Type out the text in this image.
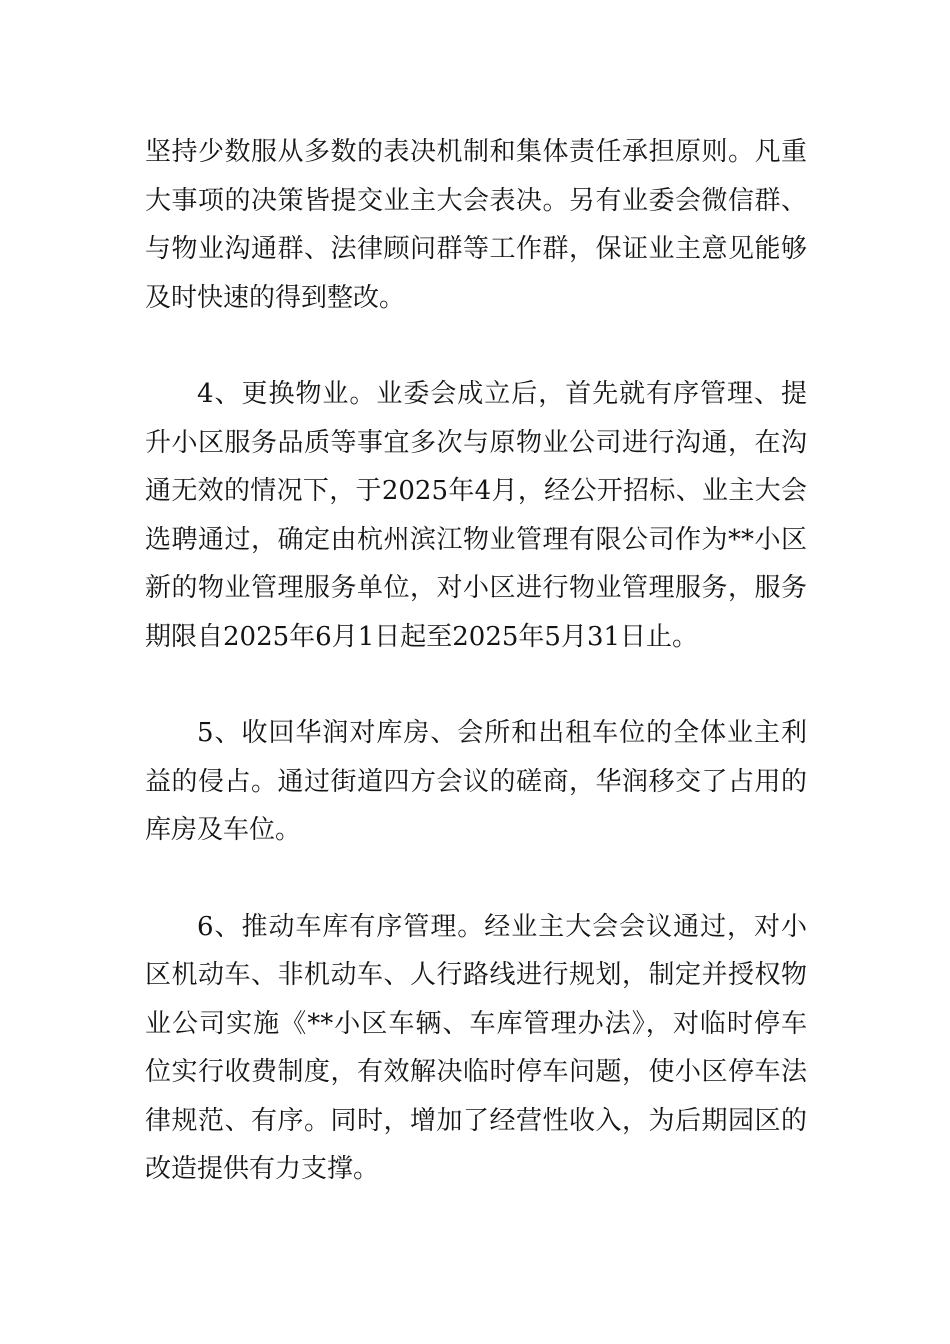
坚持少数服从多数的表决机制和集体责任承担原则。凡重大事项的决策皆提交业主大会表决。另有业委会微信群、与物业沟通群、法律顾问群等工作群，保证业主意见能够及时快速的得到整改。

4、更换物业。业委会成立后，首先就有序管理、提升小区服务品质等事宜多次与原物业公司进行沟通，在沟通无效的情况下，于2025年4月，经公开招标、业主大会选聘通过，确定由杭州滨江物业管理有限公司作为**小区新的物业管理服务单位，对小区进行物业管理服务，服务期限自2025年6月1日起至2025年5月31日止。

5、收回华润对库房、会所和出租车位的全体业主利益的侵占。通过街道四方会议的磋商，华润移交了占用的库房及车位。

6、推动车库有序管理。经业主大会会议通过，对小区机动车、非机动车、人行路线进行规划，制定并授权物业公司实施《**小区车辆、车库管理办法》，对临时停车位实行收费制度，有效解决临时停车问题，使小区停车法律规范、有序。同时，增加了经营性收入，为后期园区的改造提供有力支撑。
